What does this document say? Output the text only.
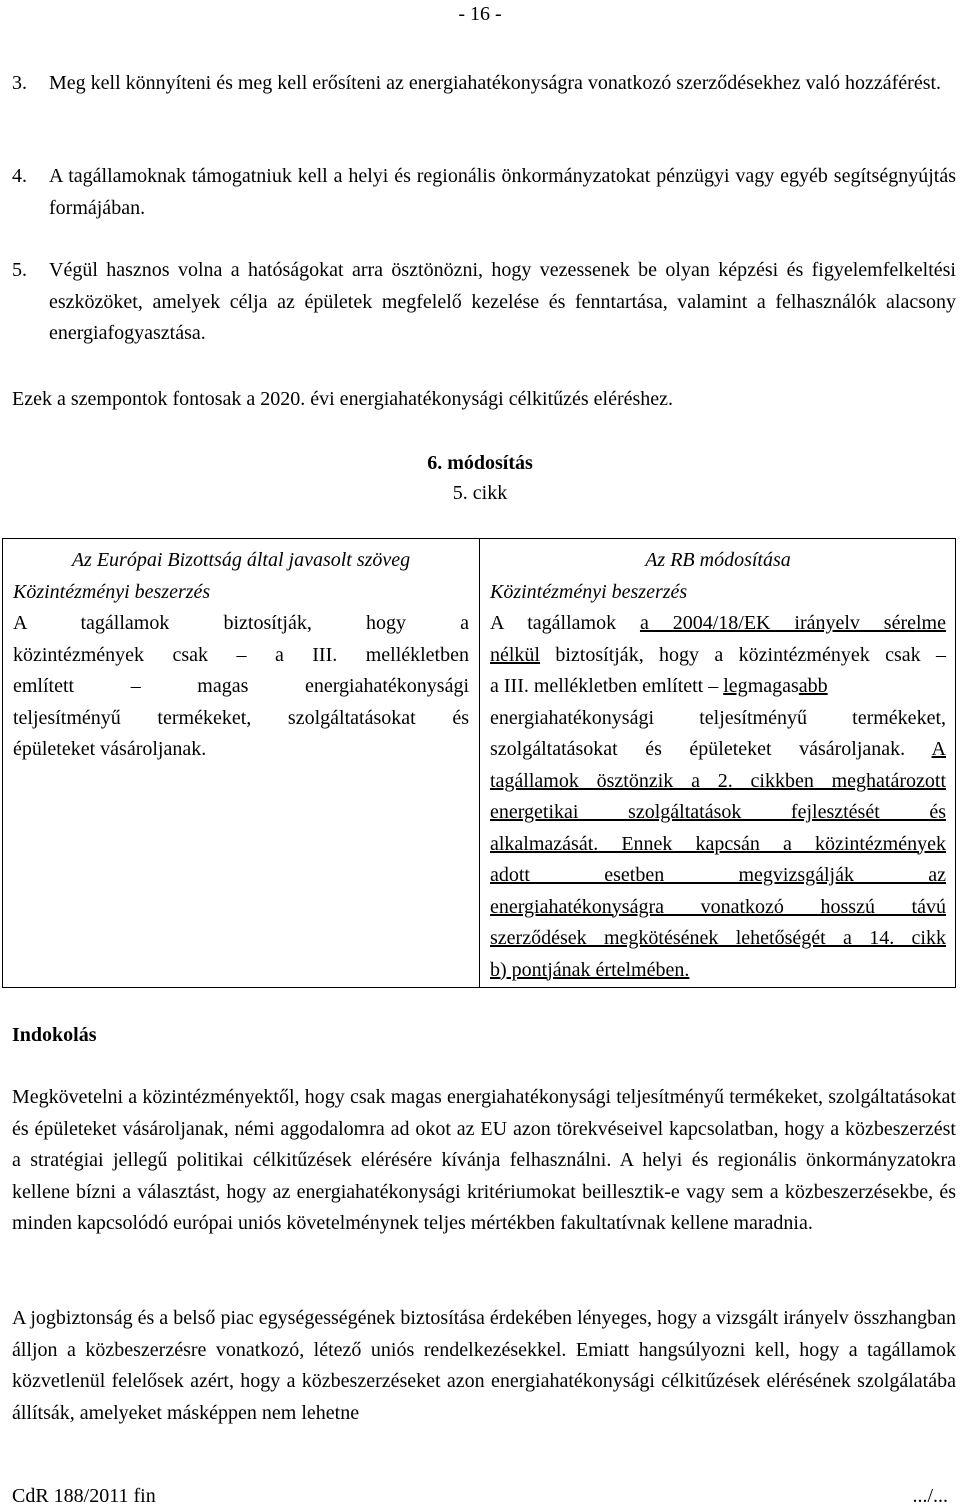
- 16 -
3. Meg kell könnyíteni és meg kell erősíteni az energiahatékonyságra vonatkozó szerződésekhez való hozzáférést.
4. A tagállamoknak támogatniuk kell a helyi és regionális önkormányzatokat pénzügyi vagy egyéb segítségnyújtás formájában.
5. Végül hasznos volna a hatóságokat arra ösztönözni, hogy vezessenek be olyan képzési és figyelemfelkeltési eszközöket, amelyek célja az épületek megfelelő kezelése és fenntartása, valamint a felhasználók alacsony energiafogyasztása.
Ezek a szempontok fontosak a 2020. évi energiahatékonysági célkitűzés eléréshez.
6. módosítás
5. cikk
Az Európai Bizottság által javasolt szöveg
Közintézményi beszerzés
A tagállamok biztosítják, hogy a
közintézmények csak – a III. mellékletben
említett – magas energiahatékonysági
teljesítményű termékeket, szolgáltatásokat és
épületeket vásároljanak.
Az RB módosítása
Közintézményi beszerzés
A tagállamok a 2004/18/EK irányelv sérelme
nélkül biztosítják, hogy a közintézmények csak –
a III. mellékletben említett – legmagasabb
energiahatékonysági teljesítményű termékeket,
szolgáltatásokat és épületeket vásároljanak. A
tagállamok ösztönzik a 2. cikkben meghatározott
energetikai szolgáltatások fejlesztését és
alkalmazását. Ennek kapcsán a közintézmények
adott esetben megvizsgálják az
energiahatékonyságra vonatkozó hosszú távú
szerződések megkötésének lehetőségét a 14. cikk
b) pontjának értelmében.
Indokolás
Megkövetelni a közintézményektől, hogy csak magas energiahatékonysági teljesítményű termékeket, szolgáltatásokat és épületeket vásároljanak, némi aggodalomra ad okot az EU azon törekvéseivel kapcsolatban, hogy a közbeszerzést a stratégiai jellegű politikai célkitűzések elérésére kívánja felhasználni. A helyi és regionális önkormányzatokra kellene bízni a választást, hogy az energiahatékonysági kritériumokat beillesztik-e vagy sem a közbeszerzésekbe, és minden kapcsolódó európai uniós követelménynek teljes mértékben fakultatívnak kellene maradnia.
A jogbiztonság és a belső piac egységességének biztosítása érdekében lényeges, hogy a vizsgált irányelv összhangban álljon a közbeszerzésre vonatkozó, létező uniós rendelkezésekkel. Emiatt hangsúlyozni kell, hogy a tagállamok közvetlenül felelősek azért, hogy a közbeszerzéseket azon energiahatékonysági célkitűzések elérésének szolgálatába állítsák, amelyeket másképpen nem lehetne
CdR 188/2011 fin	.../...
